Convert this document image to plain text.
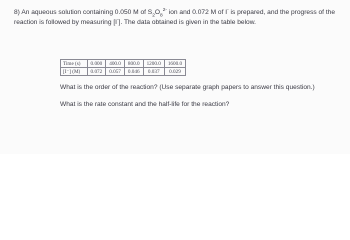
8) An aqueous solution containing 0.050 M of $S_2O_8^{2-}$ ion and 0.072 M of I- is prepared, and the progress of the reaction is followed by measuring [I-]. The data obtained is given in the table below.

Time (s)	0.000	400.0	800.0	1200.0	1600.0
[I⁻] (M)	0.072	0.057	0.046	0.037	0.029

What is the order of the reaction? (Use separate graph papers to answer this question.)

What is the rate constant and the half-life for the reaction?
